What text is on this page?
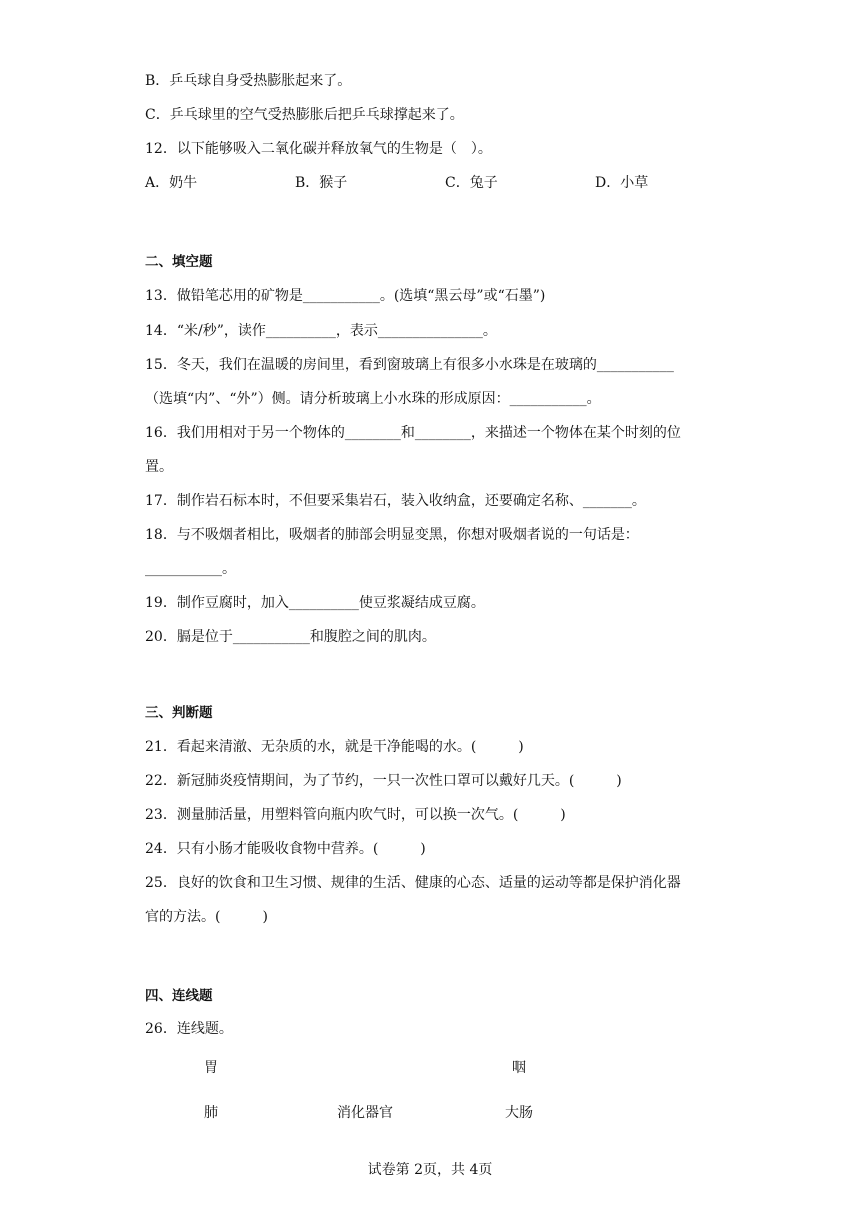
B．乒乓球自身受热膨胀起来了。
C．乒乓球里的空气受热膨胀后把乒乓球撑起来了。
12．以下能够吸入二氧化碳并释放氧气的生物是（　）。
A．奶牛	B．猴子	C．兔子	D．小草
二、填空题
13．做铅笔芯用的矿物是___________。(选填“黑云母”或“石墨”)
14．“米/秒”，读作__________，表示_______________。
15．冬天，我们在温暖的房间里，看到窗玻璃上有很多小水珠是在玻璃的___________
（选填“内”、“外”）侧。请分析玻璃上小水珠的形成原因：___________。
16．我们用相对于另一个物体的________和________，来描述一个物体在某个时刻的位
置。
17．制作岩石标本时，不但要采集岩石，装入收纳盒，还要确定名称、_______。
18．与不吸烟者相比，吸烟者的肺部会明显变黑，你想对吸烟者说的一句话是：
___________。
19．制作豆腐时，加入__________使豆浆凝结成豆腐。
20．膈是位于___________和腹腔之间的肌肉。
三、判断题
21．看起来清澈、无杂质的水，就是干净能喝的水。(　　　)
22．新冠肺炎疫情期间，为了节约，一只一次性口罩可以戴好几天。(　　　)
23．测量肺活量，用塑料管向瓶内吹气时，可以换一次气。(　　　)
24．只有小肠才能吸收食物中营养。(　　　)
25．良好的饮食和卫生习惯、规律的生活、健康的心态、适量的运动等都是保护消化器
官的方法。(　　　)
四、连线题
26．连线题。
胃	咽
肺	消化器官	大肠
试卷第 2页，共 4页
